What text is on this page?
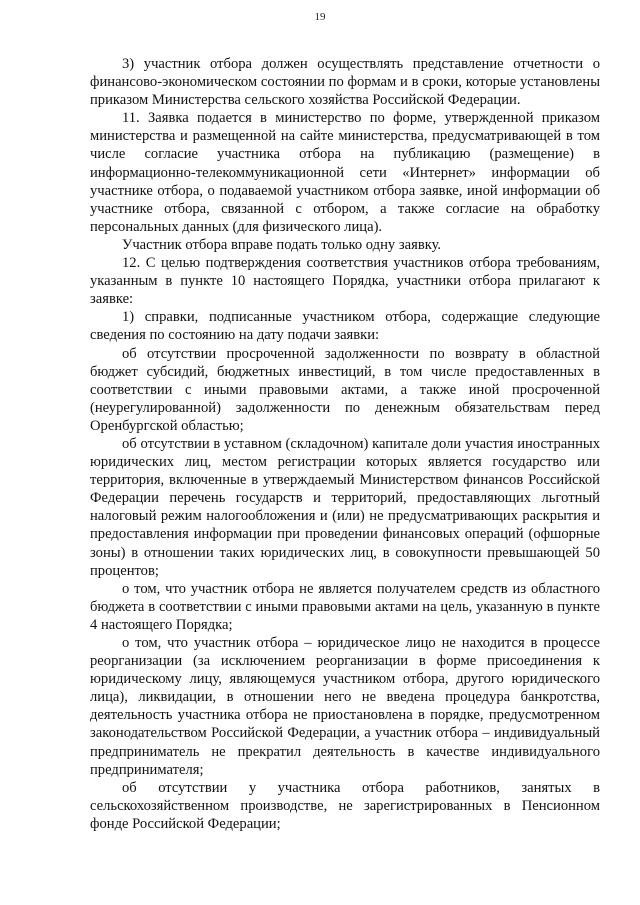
19

3) участник отбора должен осуществлять представление отчетности о финансово-экономическом состоянии по формам и в сроки, которые установлены приказом Министерства сельского хозяйства Российской Федерации.

11. Заявка подается в министерство по форме, утвержденной приказом министерства и размещенной на сайте министерства, предусматривающей в том числе согласие участника отбора на публикацию (размещение) в информационно-телекоммуникационной сети «Интернет» информации об участнике отбора, о подаваемой участником отбора заявке, иной информации об участнике отбора, связанной с отбором, а также согласие на обработку персональных данных (для физического лица).

Участник отбора вправе подать только одну заявку.

12. С целью подтверждения соответствия участников отбора требованиям, указанным в пункте 10 настоящего Порядка, участники отбора прилагают к заявке:

1) справки, подписанные участником отбора, содержащие следующие сведения по состоянию на дату подачи заявки:

об отсутствии просроченной задолженности по возврату в областной бюджет субсидий, бюджетных инвестиций, в том числе предоставленных в соответствии с иными правовыми актами, а также иной просроченной (неурегулированной) задолженности по денежным обязательствам перед Оренбургской областью;

об отсутствии в уставном (складочном) капитале доли участия иностранных юридических лиц, местом регистрации которых является государство или территория, включенные в утверждаемый Министерством финансов Российской Федерации перечень государств и территорий, предоставляющих льготный налоговый режим налогообложения и (или) не предусматривающих раскрытия и предоставления информации при проведении финансовых операций (офшорные зоны) в отношении таких юридических лиц, в совокупности превышающей 50 процентов;

о том, что участник отбора не является получателем средств из областного бюджета в соответствии с иными правовыми актами на цель, указанную в пункте 4 настоящего Порядка;

о том, что участник отбора – юридическое лицо не находится в процессе реорганизации (за исключением реорганизации в форме присоединения к юридическому лицу, являющемуся участником отбора, другого юридического лица), ликвидации, в отношении него не введена процедура банкротства, деятельность участника отбора не приостановлена в порядке, предусмотренном законодательством Российской Федерации, а участник отбора – индивидуальный предприниматель не прекратил деятельность в качестве индивидуального предпринимателя;

об отсутствии у участника отбора работников, занятых в сельскохозяйственном производстве, не зарегистрированных в Пенсионном фонде Российской Федерации;
